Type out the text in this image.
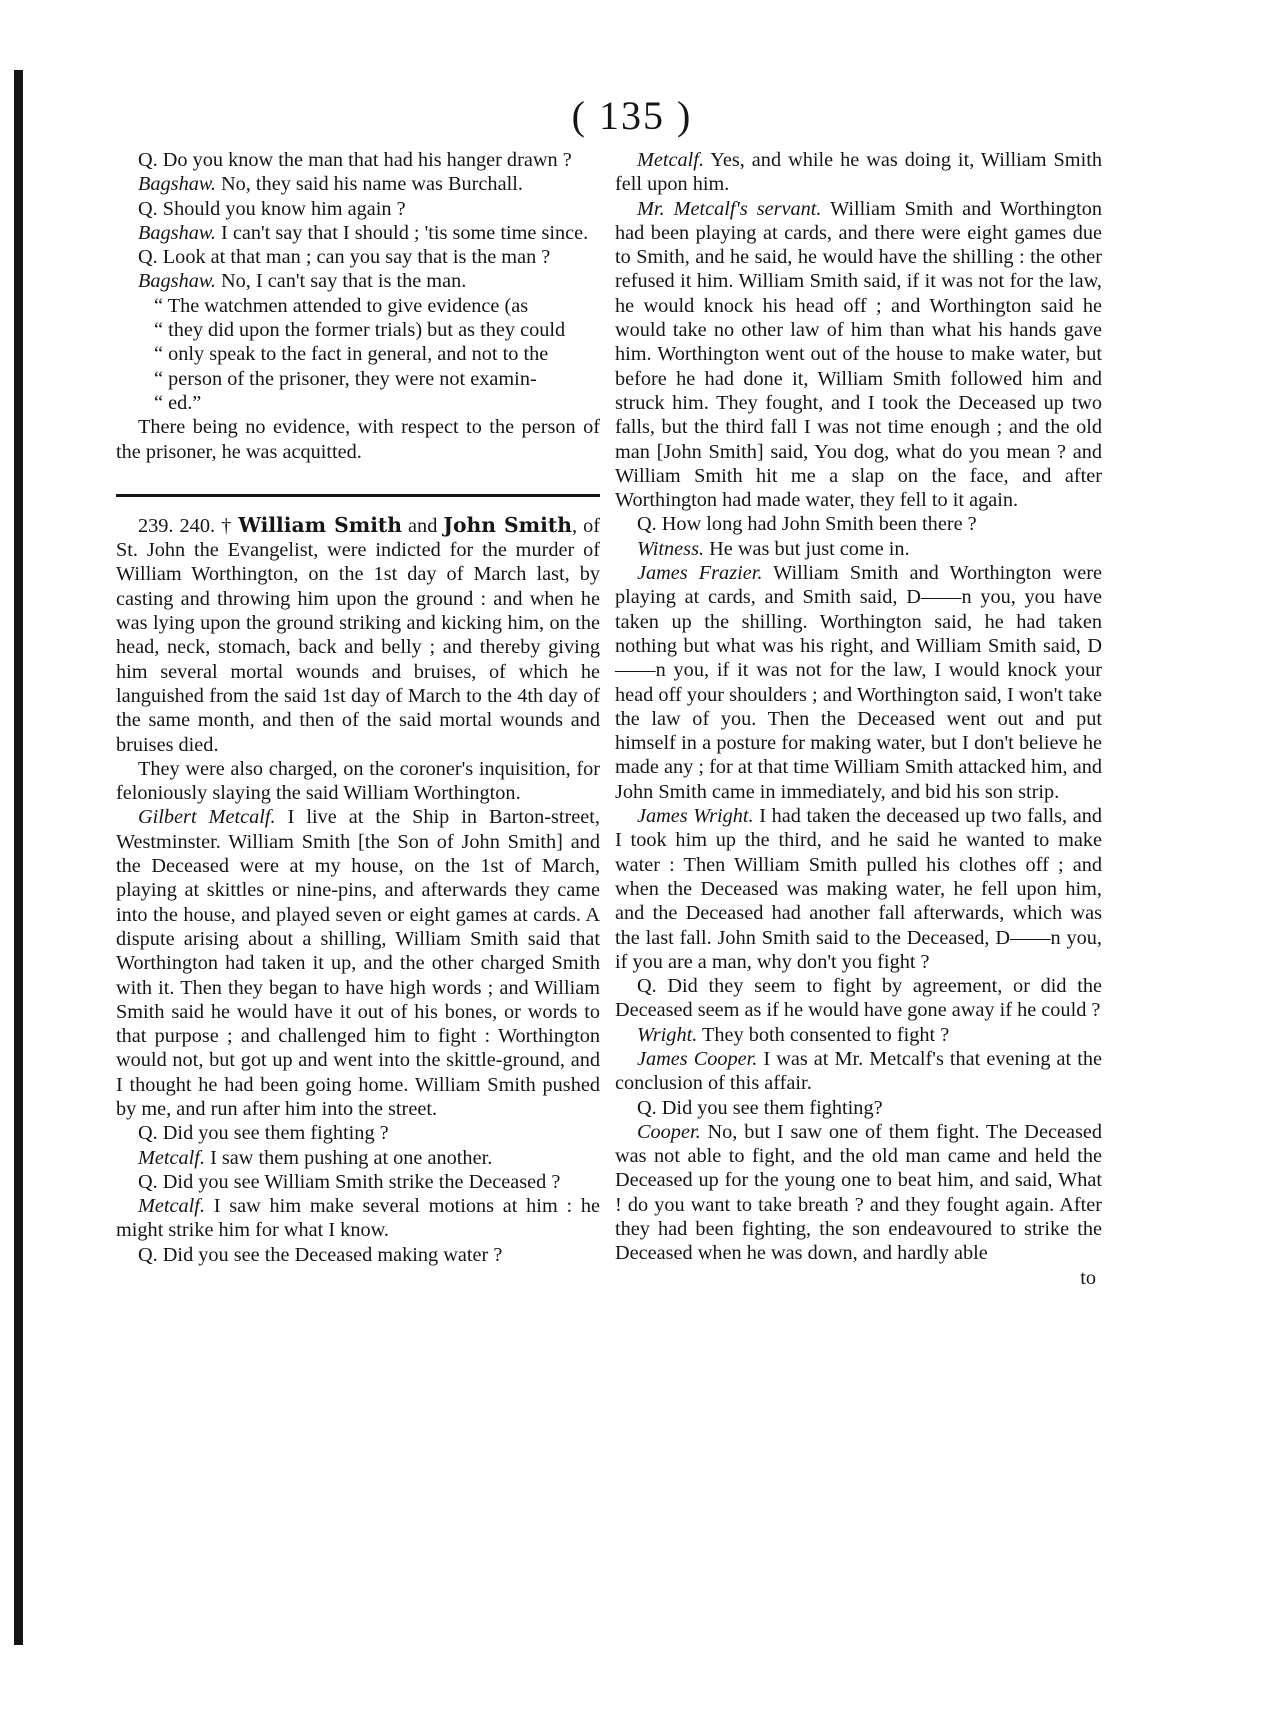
( 135 )

Q. Do you know the man that had his hanger drawn ?

Bagshaw. No, they said his name was Burchall.

Q. Should you know him again ?

Bagshaw. I can't say that I should ; 'tis some time since.

Q. Look at that man ; can you say that is the man ?

Bagshaw. No, I can't say that is the man.

“ The watchmen attended to give evidence (as

“ they did upon the former trials) but as they could

“ only speak to the fact in general, and not to the

“ person of the prisoner, they were not examin-

“ ed.”

There being no evidence, with respect to the person of the prisoner, he was acquitted.

239. 240. † William Smith and John Smith, of St. John the Evangelist, were indicted for the murder of William Worthington, on the 1st day of March last, by casting and throwing him upon the ground : and when he was lying upon the ground striking and kicking him, on the head, neck, stomach, back and belly ; and thereby giving him several mortal wounds and bruises, of which he languished from the said 1st day of March to the 4th day of the same month, and then of the said mortal wounds and bruises died.

They were also charged, on the coroner's inquisition, for feloniously slaying the said William Worthington.

Gilbert Metcalf. I live at the Ship in Barton-street, Westminster. William Smith [the Son of John Smith] and the Deceased were at my house, on the 1st of March, playing at skittles or nine-pins, and afterwards they came into the house, and played seven or eight games at cards. A dispute arising about a shilling, William Smith said that Worthington had taken it up, and the other charged Smith with it. Then they began to have high words ; and William Smith said he would have it out of his bones, or words to that purpose ; and challenged him to fight : Worthington would not, but got up and went into the skittle-ground, and I thought he had been going home. William Smith pushed by me, and run after him into the street.

Q. Did you see them fighting ?

Metcalf. I saw them pushing at one another.

Q. Did you see William Smith strike the Deceased ?

Metcalf. I saw him make several motions at him : he might strike him for what I know.

Q. Did you see the Deceased making water ?

Metcalf. Yes, and while he was doing it, William Smith fell upon him.

Mr. Metcalf's servant. William Smith and Worthington had been playing at cards, and there were eight games due to Smith, and he said, he would have the shilling : the other refused it him. William Smith said, if it was not for the law, he would knock his head off ; and Worthington said he would take no other law of him than what his hands gave him. Worthington went out of the house to make water, but before he had done it, William Smith followed him and struck him. They fought, and I took the Deceased up two falls, but the third fall I was not time enough ; and the old man [John Smith] said, You dog, what do you mean ? and William Smith hit me a slap on the face, and after Worthington had made water, they fell to it again.

Q. How long had John Smith been there ?

Witness. He was but just come in.

James Frazier. William Smith and Worthington were playing at cards, and Smith said, D——n you, you have taken up the shilling. Worthington said, he had taken nothing but what was his right, and William Smith said, D——n you, if it was not for the law, I would knock your head off your shoulders ; and Worthington said, I won't take the law of you. Then the Deceased went out and put himself in a posture for making water, but I don't believe he made any ; for at that time William Smith attacked him, and John Smith came in immediately, and bid his son strip.

James Wright. I had taken the deceased up two falls, and I took him up the third, and he said he wanted to make water : Then William Smith pulled his clothes off ; and when the Deceased was making water, he fell upon him, and the Deceased had another fall afterwards, which was the last fall. John Smith said to the Deceased, D——n you, if you are a man, why don't you fight ?

Q. Did they seem to fight by agreement, or did the Deceased seem as if he would have gone away if he could ?

Wright. They both consented to fight ?

James Cooper. I was at Mr. Metcalf's that evening at the conclusion of this affair.

Q. Did you see them fighting?

Cooper. No, but I saw one of them fight. The Deceased was not able to fight, and the old man came and held the Deceased up for the young one to beat him, and said, What ! do you want to take breath ? and they fought again. After they had been fighting, the son endeavoured to strike the Deceased when he was down, and hardly able

to
